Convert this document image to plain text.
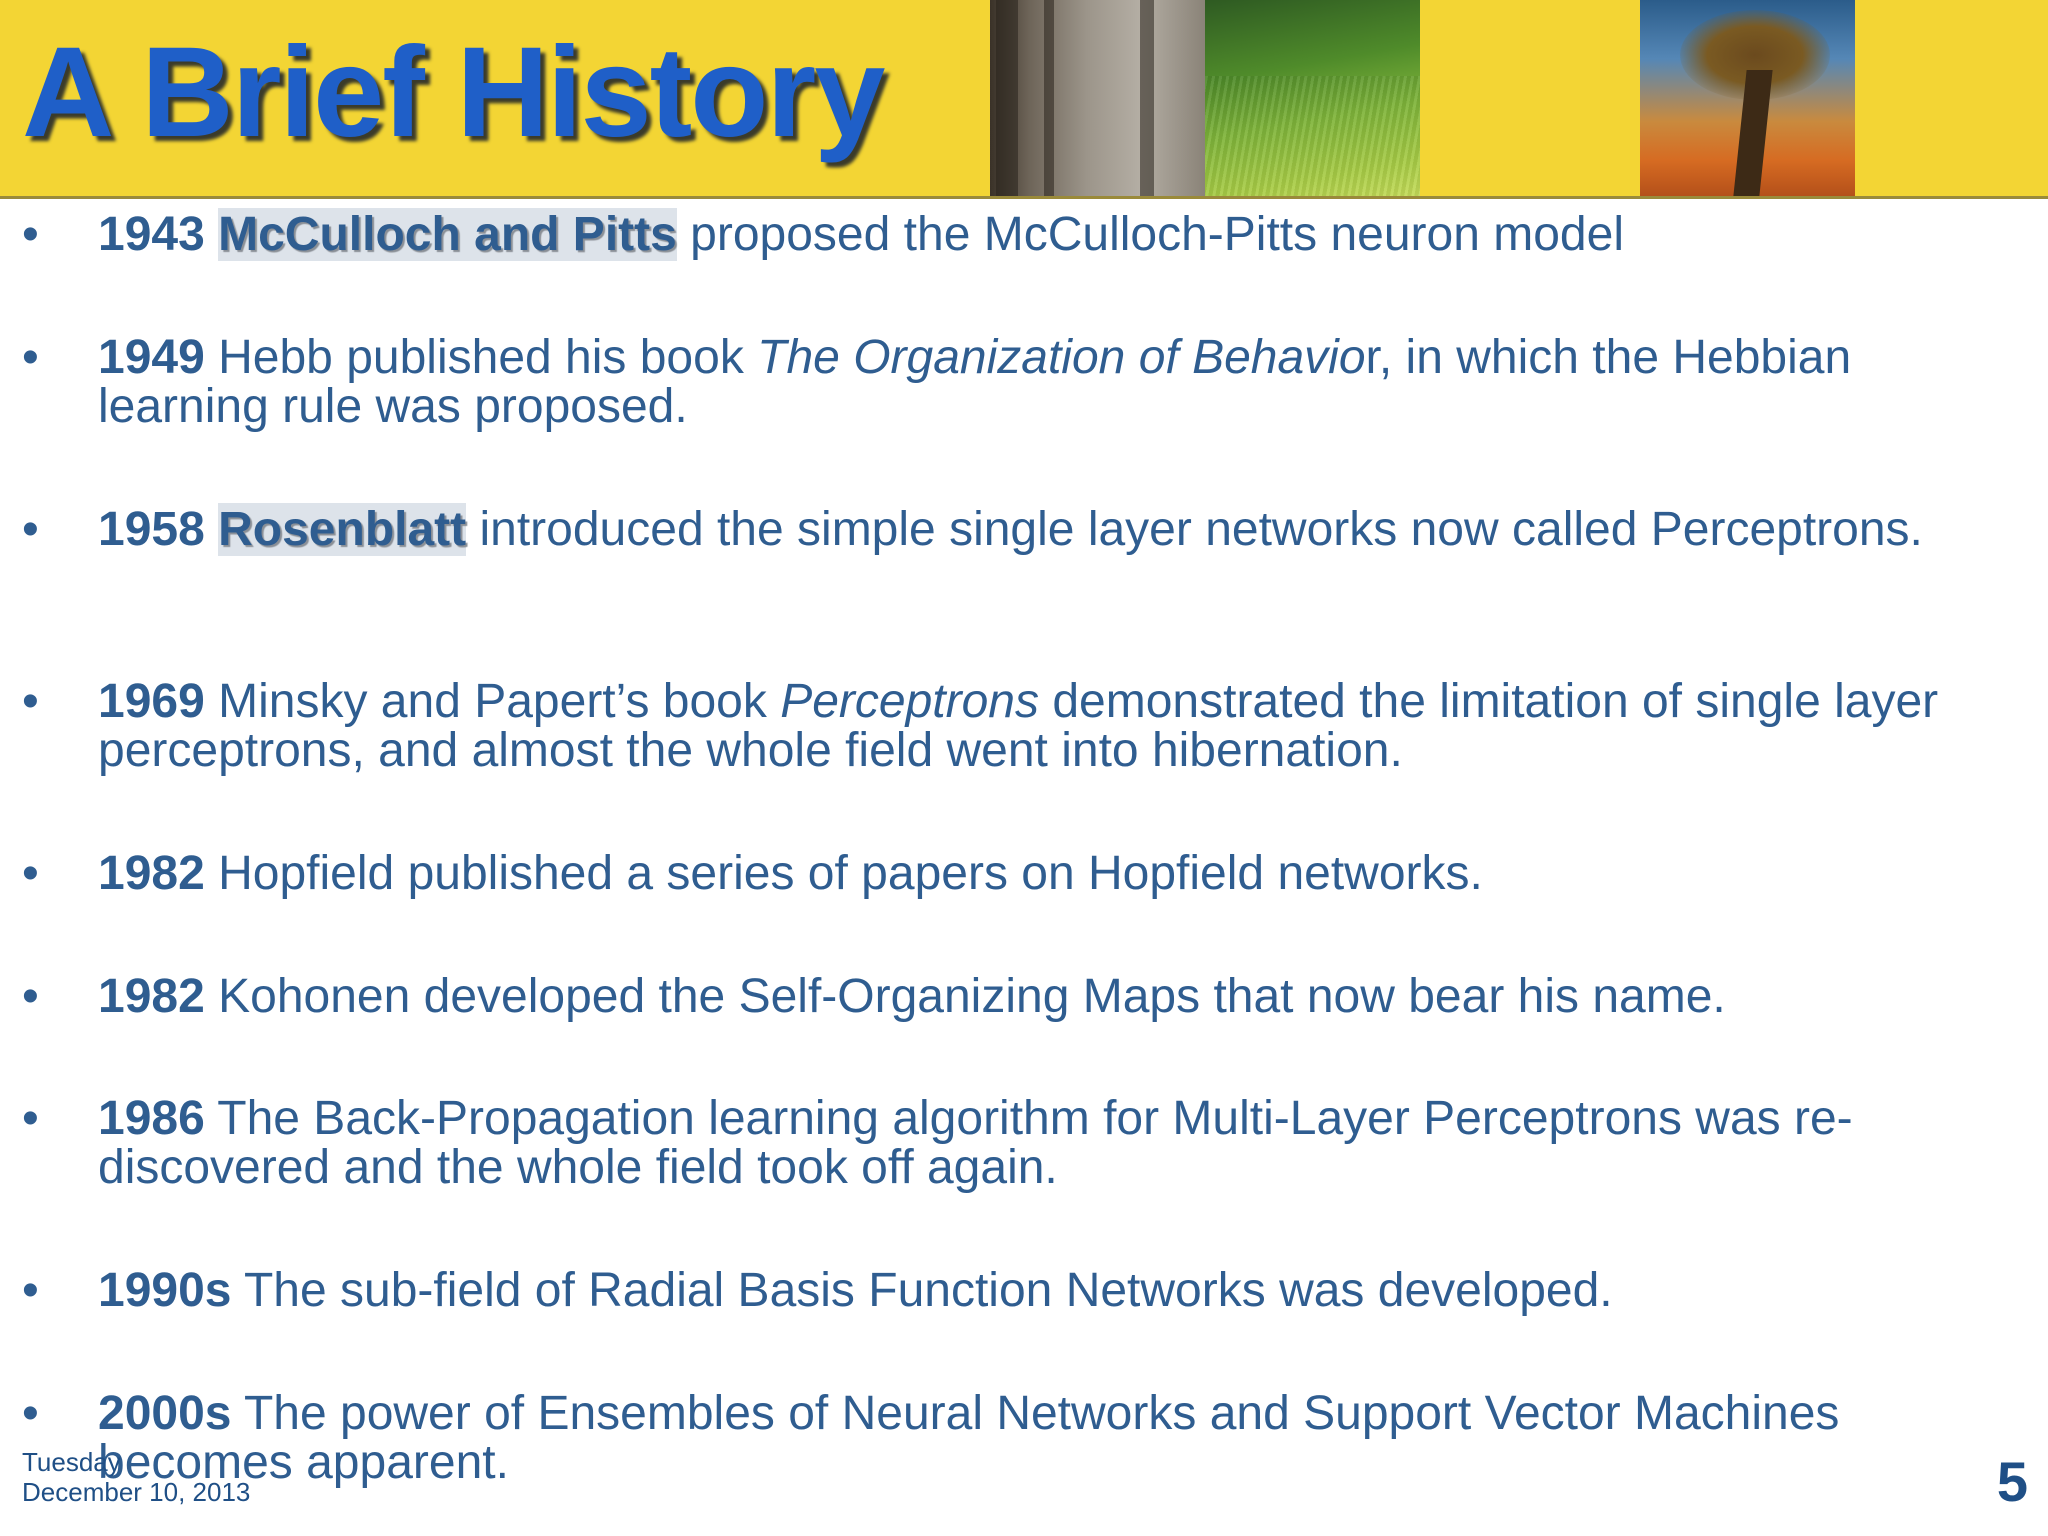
A Brief History
• 1943 McCulloch and Pitts proposed the McCulloch-Pitts neuron model
• 1949 Hebb published his book The Organization of Behavior, in which the Hebbian learning rule was proposed.
• 1958 Rosenblatt introduced the simple single layer networks now called Perceptrons.
• 1969 Minsky and Papert’s book Perceptrons demonstrated the limitation of single layer perceptrons, and almost the whole field went into hibernation.
• 1982 Hopfield published a series of papers on Hopfield networks.
• 1982 Kohonen developed the Self-Organizing Maps that now bear his name.
• 1986 The Back-Propagation learning algorithm for Multi-Layer Perceptrons was re-discovered and the whole field took off again.
• 1990s The sub-field of Radial Basis Function Networks was developed.
• 2000s The power of Ensembles of Neural Networks and Support Vector Machines becomes apparent.
Tuesday
December 10, 2013	5
